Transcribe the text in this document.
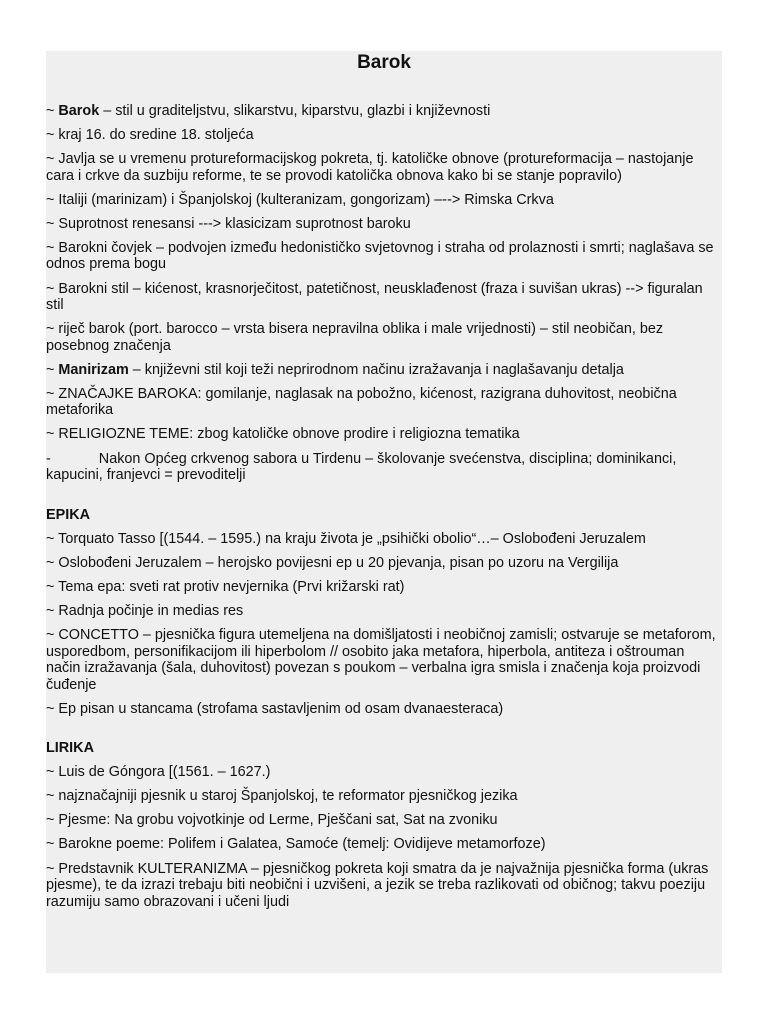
Barok

~ Barok – stil u graditeljstvu, slikarstvu, kiparstvu, glazbi i književnosti

~ kraj 16. do sredine 18. stoljeća

~ Javlja se u vremenu protureformacijskog pokreta, tj. katoličke obnove (protureformacija – nastojanje cara i crkve da suzbiju reforme, te se provodi katolička obnova kako bi se stanje popravilo)

~ Italiji (marinizam) i Španjolskoj (kulteranizam, gongorizam) –--> Rimska Crkva

~ Suprotnost renesansi ---> klasicizam suprotnost baroku

~ Barokni čovjek – podvojen između hedonističko svjetovnog i straha od prolaznosti i smrti; naglašava se odnos prema bogu

~ Barokni stil – kićenost, krasnorječitost, patetičnost, neusklađenost (fraza i suvišan ukras) --> figuralan stil

~ riječ barok (port. barocco – vrsta bisera nepravilna oblika i male vrijednosti) – stil neobičan, bez posebnog značenja

~ Manirizam – književni stil koji teži neprirodnom načinu izražavanja i naglašavanju detalja

~ ZNAČAJKE BAROKA: gomilanje, naglasak na pobožno, kićenost, razigrana duhovitost, neobična metaforika

~ RELIGIOZNE TEME: zbog katoličke obnove prodire i religiozna tematika

-	Nakon Općeg crkvenog sabora u Tirdenu – školovanje svećenstva, disciplina; dominikanci, kapucini, franjevci = prevoditelji

EPIKA

~ Torquato Tasso [(1544. – 1595.) na kraju života je „psihički obolio“…– Oslobođeni Jeruzalem

~ Oslobođeni Jeruzalem – herojsko povijesni ep u 20 pjevanja, pisan po uzoru na Vergilija

~ Tema epa: sveti rat protiv nevjernika (Prvi križarski rat)

~ Radnja počinje in medias res

~ CONCETTO – pjesnička figura utemeljena na domišljatosti i neobičnoj zamisli; ostvaruje se metaforom, usporedbom, personifikacijom ili hiperbolom // osobito jaka metafora, hiperbola, antiteza i oštrouman način izražavanja (šala, duhovitost) povezan s poukom – verbalna igra smisla i značenja koja proizvodi čuđenje

~ Ep pisan u stancama (strofama sastavljenim od osam dvanaesteraca)

LIRIKA

~ Luis de Góngora [(1561. – 1627.)

~ najznačajniji pjesnik u staroj Španjolskoj, te reformator pjesničkog jezika

~ Pjesme: Na grobu vojvotkinje od Lerme, Pješčani sat, Sat na zvoniku

~ Barokne poeme: Polifem i Galatea, Samoće (temelj: Ovidijeve metamorfoze)

~ Predstavnik KULTERANIZMA – pjesničkog pokreta koji smatra da je najvažnija pjesnička forma (ukras pjesme), te da izrazi trebaju biti neobični i uzvišeni, a jezik se treba razlikovati od običnog; takvu poeziju razumiju samo obrazovani i učeni ljudi
